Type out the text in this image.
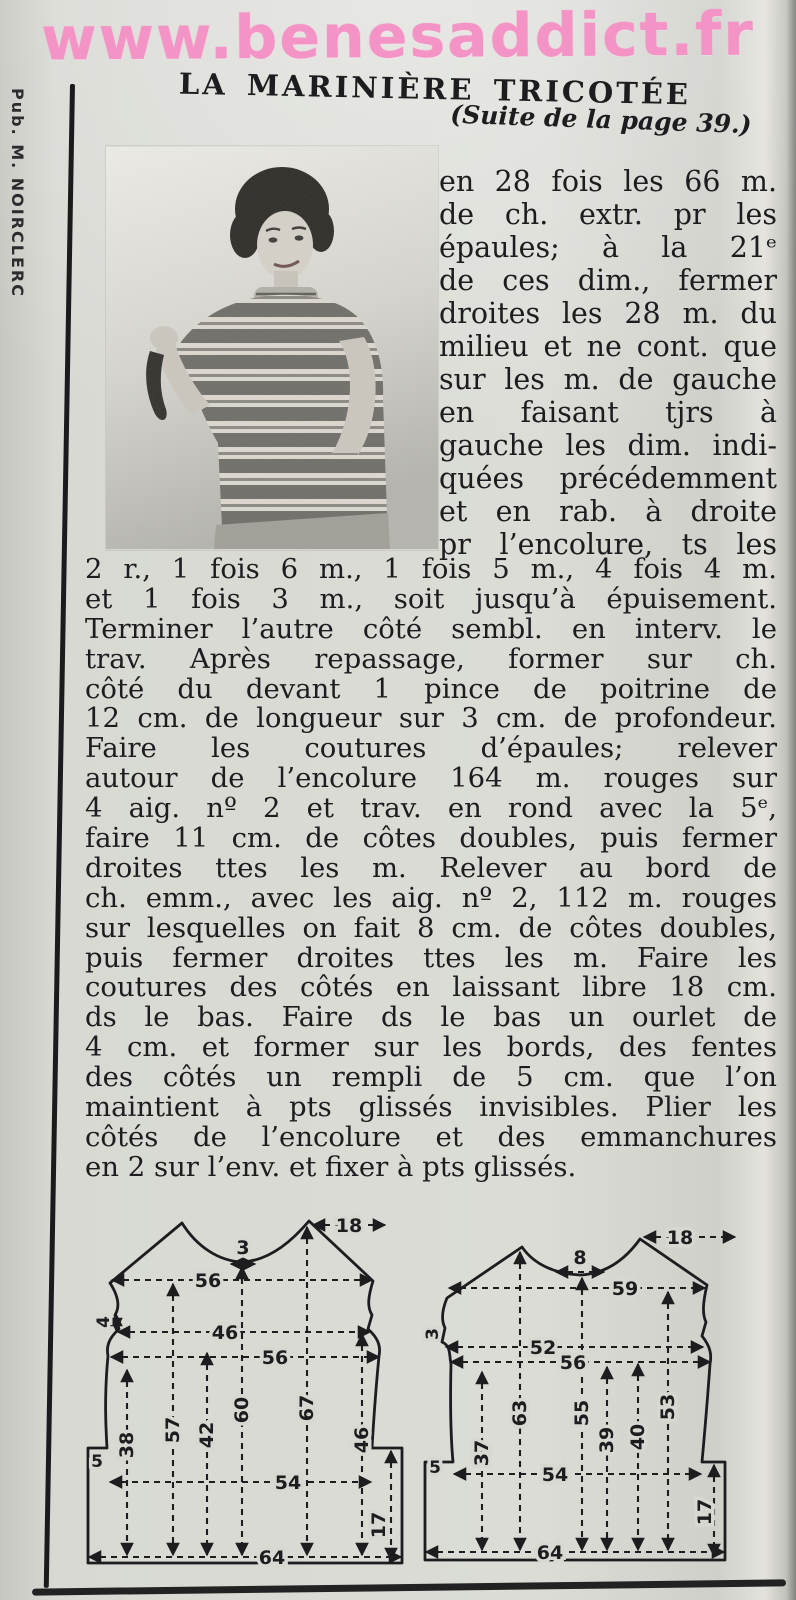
www.benesaddict.fr
Pub. M. NOIRCLERC	LA MARINIÈRE TRICOTÉE
(Suite de la page 39.)
en 28 fois les 66 m.
de ch. extr. pr les
épaules; à la 21ᵉ
de ces dim., fermer
droites les 28 m. du
milieu et ne cont. que
sur les m. de gauche
en faisant tjrs à
gauche les dim. indi-
quées précédemment
et en rab. à droite
pr l’encolure, ts les
2 r., 1 fois 6 m., 1 fois 5 m., 4 fois 4 m.
et 1 fois 3 m., soit jusqu’à épuisement.
Terminer l’autre côté sembl. en interv. le
trav. Après repassage, former sur ch.
côté du devant 1 pince de poitrine de
12 cm. de longueur sur 3 cm. de profondeur.
Faire les coutures d’épaules; relever
autour de l’encolure 164 m. rouges sur
4 aig. nº 2 et trav. en rond avec la 5ᵉ,
faire 11 cm. de côtes doubles, puis fermer
droites ttes les m. Relever au bord de
ch. emm., avec les aig. nº 2, 112 m. rouges
sur lesquelles on fait 8 cm. de côtes doubles,
puis fermer droites ttes les m. Faire les
coutures des côtés en laissant libre 18 cm.
ds le bas. Faire ds le bas un ourlet de
4 cm. et former sur les bords, des fentes
des côtés un rempli de 5 cm. que l’on
maintient à pts glissés invisibles. Plier les
côtés de l’encolure et des emmanchures
en 2 sur l’env. et fixer à pts glissés.
56
46
56
54
64
18
3
4
5
17
38
57 42
60 67
46
59
52
56
54
64
18
8
3
5
17
37
63 55
39 40
53
